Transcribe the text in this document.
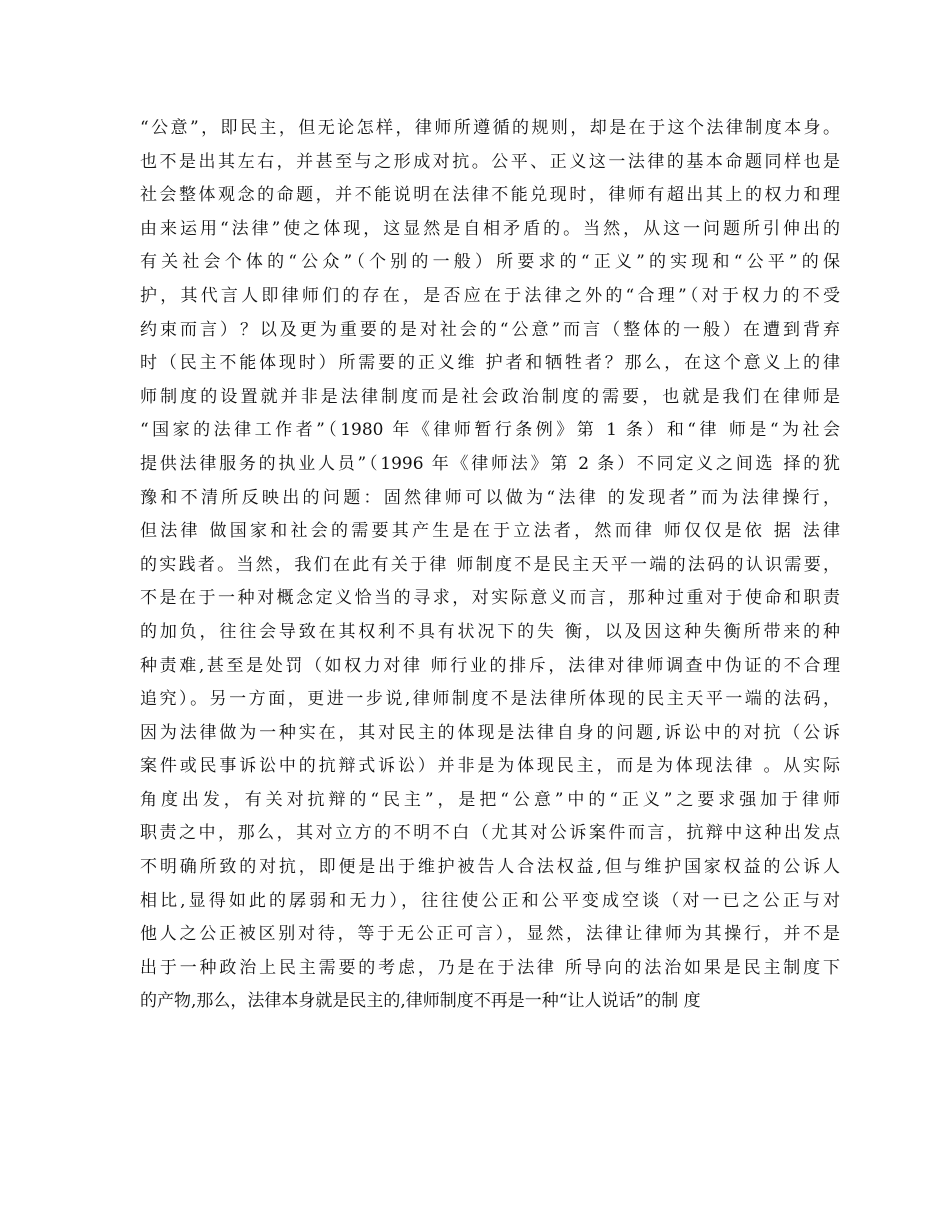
“公意”，即民主，但无论怎样，律师所遵循的规则，却是在于这个法律制度本身。
也不是出其左右，并甚至与之形成对抗。公平、正义这一法律的基本命题同样也是
社会整体观念的命题，并不能说明在法律不能兑现时，律师有超出其上的权力和理
由来运用“法律”使之体现，这显然是自相矛盾的。当然，从这一问题所引伸出的
有关社会个体的“公众”（个别的一般）所要求的“正义”的实现和“公平”的保
护，其代言人即律师们的存在，是否应在于法律之外的“合理”（对于权力的不受
约束而言）？以及更为重要的是对社会的“公意”而言（整体的一般）在遭到背弃
时（民主不能体现时）所需要的正义维 护者和牺牲者？那么，在这个意义上的律
师制度的设置就并非是法律制度而是社会政治制度的需要，也就是我们在律师是
“国家的法律工作者”（1980 年《律师暂行条例》第 1 条）和“律 师是“为社会
提供法律服务的执业人员”（1996 年《律师法》第 2 条）不同定义之间选 择的犹
豫和不清所反映出的问题：固然律师可以做为“法律 的发现者”而为法律操行，
但法律 做国家和社会的需要其产生是在于立法者，然而律 师仅仅是依 据 法律
的实践者。当然，我们在此有关于律 师制度不是民主天平一端的法码的认识需要，
不是在于一种对概念定义恰当的寻求，对实际意义而言，那种过重对于使命和职责
的加负，往往会导致在其权利不具有状况下的失 衡，以及因这种失衡所带来的种
种责难,甚至是处罚（如权力对律 师行业的排斥，法律对律师调查中伪证的不合理
追究）。另一方面，更进一步说,律师制度不是法律所体现的民主天平一端的法码，
因为法律做为一种实在，其对民主的体现是法律自身的问题,诉讼中的对抗（公诉
案件或民事诉讼中的抗辩式诉讼）并非是为体现民主，而是为体现法律 。从实际
角度出发，有关对抗辩的“民主”，是把“公意”中的“正义”之要求强加于律师
职责之中，那么，其对立方的不明不白（尤其对公诉案件而言，抗辩中这种出发点
不明确所致的对抗，即便是出于维护被告人合法权益,但与维护国家权益的公诉人
相比,显得如此的孱弱和无力），往往使公正和公平变成空谈（对一已之公正与对
他人之公正被区别对待，等于无公正可言），显然，法律让律师为其操行，并不是
出于一种政治上民主需要的考虑，乃是在于法律 所导向的法治如果是民主制度下
的产物,那么，法律本身就是民主的,律师制度不再是一种“让人说话”的制 度
